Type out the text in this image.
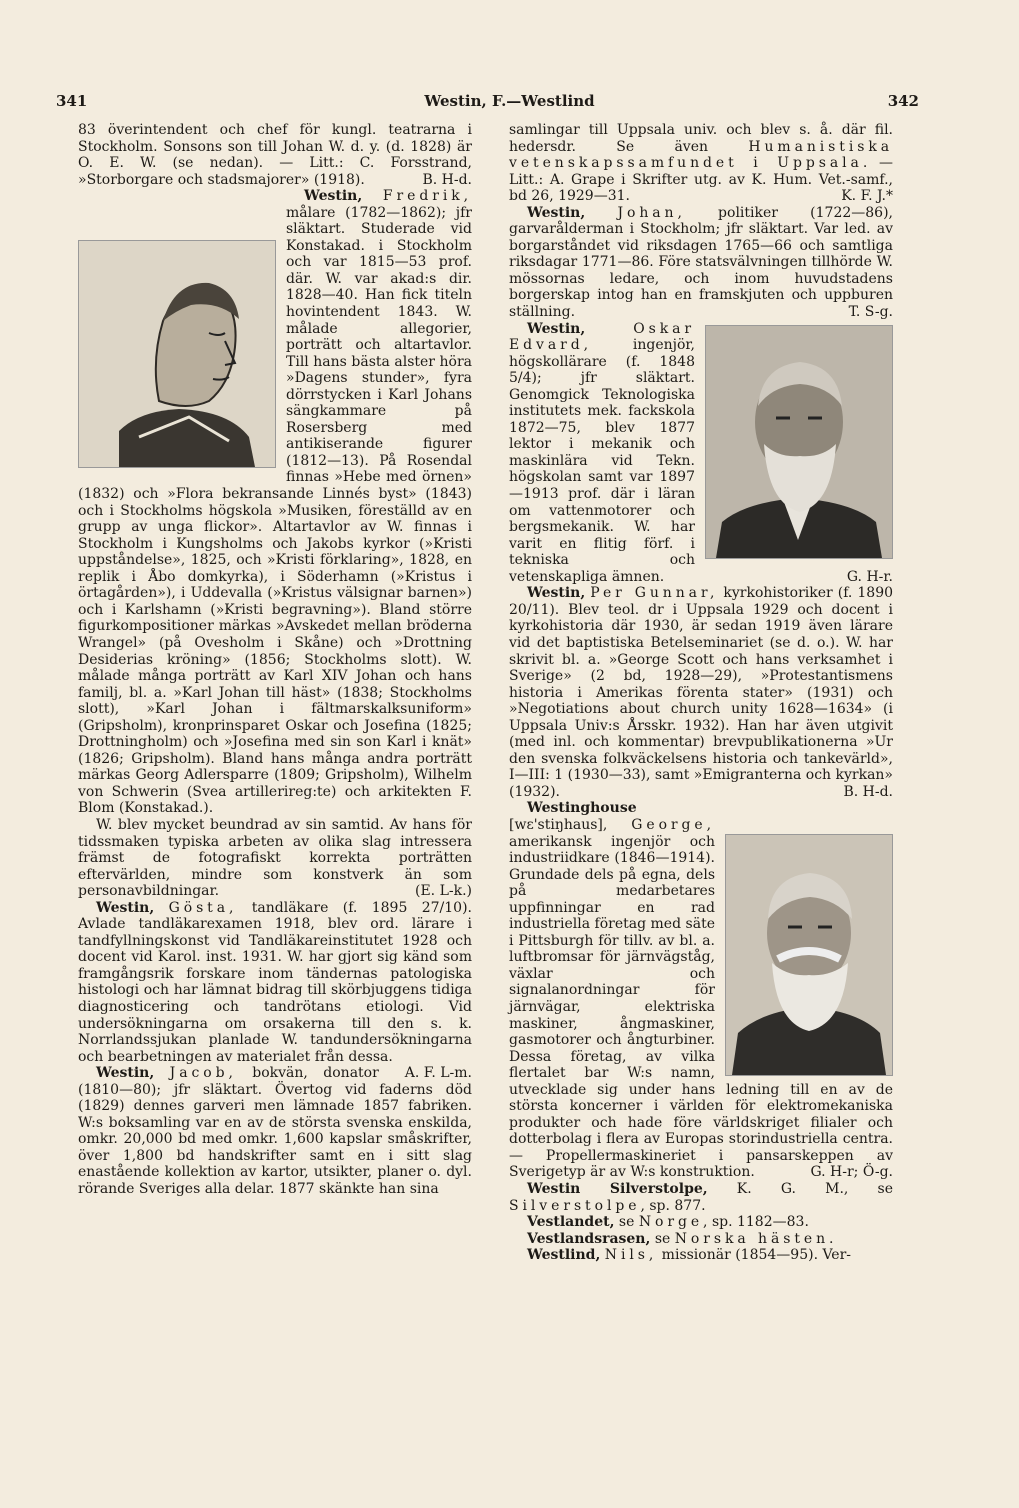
341	Westin, F.—Westlind	342

83 överintendent och chef för kungl. teatrarna i Stockholm. Sonsons son till Johan W. d. y. (d. 1828) är O. E. W. (se nedan). — Litt.: C. Forsstrand, »Storborgare och stadsmajorer» (1918).	B. H-d.

Westin, Fredrik, målare (1782—1862); jfr släktart. Studerade vid Konstakad. i Stockholm och var 1815—53 prof. där. W. var akad:s dir. 1828—40. Han fick titeln hovintendent 1843. W. målade allegorier, porträtt och altartavlor. Till hans bästa alster höra »Dagens stunder», fyra dörrstycken i Karl Johans sängkammare på Rosersberg med antikiserande figurer (1812—13). På Rosendal finnas »Hebe med örnen» (1832) och »Flora bekransande Linnés byst» (1843) och i Stockholms högskola »Musiken, föreställd av en grupp av unga flickor». Altartavlor av W. finnas i Stockholm i Kungsholms och Jakobs kyrkor (»Kristi uppståndelse», 1825, och »Kristi förklaring», 1828, en replik i Åbo domkyrka), i Söderhamn (»Kristus i örtagården»), i Uddevalla (»Kristus välsignar barnen») och i Karlshamn (»Kristi begravning»). Bland större figurkompositioner märkas »Avskedet mellan bröderna Wrangel» (på Ovesholm i Skåne) och »Drottning Desiderias kröning» (1856; Stockholms slott). W. målade många porträtt av Karl XIV Johan och hans familj, bl. a. »Karl Johan till häst» (1838; Stockholms slott), »Karl Johan i fältmarskalksuniform» (Gripsholm), kronprinsparet Oskar och Josefina (1825; Drottningholm) och »Josefina med sin son Karl i knät» (1826; Gripsholm). Bland hans många andra porträtt märkas Georg Adlersparre (1809; Gripsholm), Wilhelm von Schwerin (Svea artillerireg:te) och arkitekten F. Blom (Konstakad.).

W. blev mycket beundrad av sin samtid. Av hans för tidssmaken typiska arbeten av olika slag intressera främst de fotografiskt korrekta porträtten eftervärlden, mindre som konstverk än som personavbildningar.	(E. L-k.)

Westin, Gösta, tandläkare (f. 1895 27/10). Avlade tandläkarexamen 1918, blev ord. lärare i tandfyllningskonst vid Tandläkareinstitutet 1928 och docent vid Karol. inst. 1931. W. har gjort sig känd som framgångsrik forskare inom tändernas patologiska histologi och har lämnat bidrag till skörbjuggens tidiga diagnosticering och tandrötans etiologi. Vid undersökningarna om orsakerna till den s. k. Norrlandssjukan planlade W. tandundersökningarna och bearbetningen av materialet från dessa.
A. F. L-m.

Westin, Jacob, bokvän, donator (1810—80); jfr släktart. Övertog vid faderns död (1829) dennes garveri men lämnade 1857 fabriken. W:s boksamling var en av de största svenska enskilda, omkr. 20,000 bd med omkr. 1,600 kapslar småskrifter, över 1,800 bd handskrifter samt en i sitt slag enastående kollektion av kartor, utsikter, planer o. dyl. rörande Sveriges alla delar. 1877 skänkte han sina

samlingar till Uppsala univ. och blev s. å. där fil. hedersdr. Se även	Humanistiska vetenskapssamfundet i Uppsala. — Litt.: A. Grape i Skrifter utg. av K. Hum. Vet.-samf., bd 26, 1929—31.	K. F. J.*

Westin, Johan, politiker (1722—86), garvarålderman i Stockholm; jfr släktart. Var led. av borgarståndet vid riksdagen 1765—66 och samtliga riksdagar 1771—86. Före statsvälvningen tillhörde W. mössornas ledare, och inom huvudstadens borgerskap intog han en framskjuten och uppburen ställning.	T. S-g.

Westin,	Oskar Edvard, ingenjör, högskollärare (f. 1848 5/4); jfr släktart. Genomgick Teknologiska institutets mek. fackskola 1872—75, blev 1877 lektor i mekanik och maskinlära vid Tekn. högskolan samt var 1897—1913 prof. där i läran om vattenmotorer och bergsmekanik. W. har varit en flitig förf. i tekniska och vetenskapliga ämnen.	G. H-r.

Westin, Per Gunnar, kyrkohistoriker (f. 1890 20/11). Blev teol. dr i Uppsala 1929 och docent i kyrkohistoria där 1930, är sedan 1919 även lärare vid det baptistiska Betelseminariet (se d. o.). W. har skrivit bl. a. »George Scott och hans verksamhet i Sverige» (2 bd, 1928—29), »Protestantismens historia i Amerikas förenta stater» (1931) och »Negotiations about church unity 1628—1634» (i Uppsala Univ:s Årsskr. 1932). Han har även utgivit (med inl. och kommentar) brevpublikationerna »Ur den svenska folkväckelsens historia och tankevärld», I—III: 1 (1930—33), samt »Emigranterna och kyrkan» (1932).	B. H-d.

Westinghouse [wɛ'stiŋhaus], George, amerikansk ingenjör och industriidkare (1846—1914). Grundade dels på egna, dels på medarbetares uppfinningar en rad industriella företag med säte i Pittsburgh för tillv. av bl. a. luftbromsar för järnvägståg, växlar och signalanordningar för järnvägar, elektriska maskiner, ångmaskiner, gasmotorer och ångturbiner. Dessa företag, av vilka flertalet bar W:s namn, utvecklade sig under hans ledning till en av de största koncerner i världen för elektromekaniska produkter och hade före världskriget filialer och dotterbolag i flera av Europas storindustriella centra. — Propellermaskineriet i pansarskeppen av Sverigetyp är av W:s konstruktion.	G. H-r; Ö-g.

Westin Silverstolpe, K. G. M., se Silverstolpe, sp. 877.

Vestlandet, se Norge, sp. 1182—83.

Vestlandsrasen, se Norska hästen.

Westlind, Nils, missionär (1854—95). Ver-
